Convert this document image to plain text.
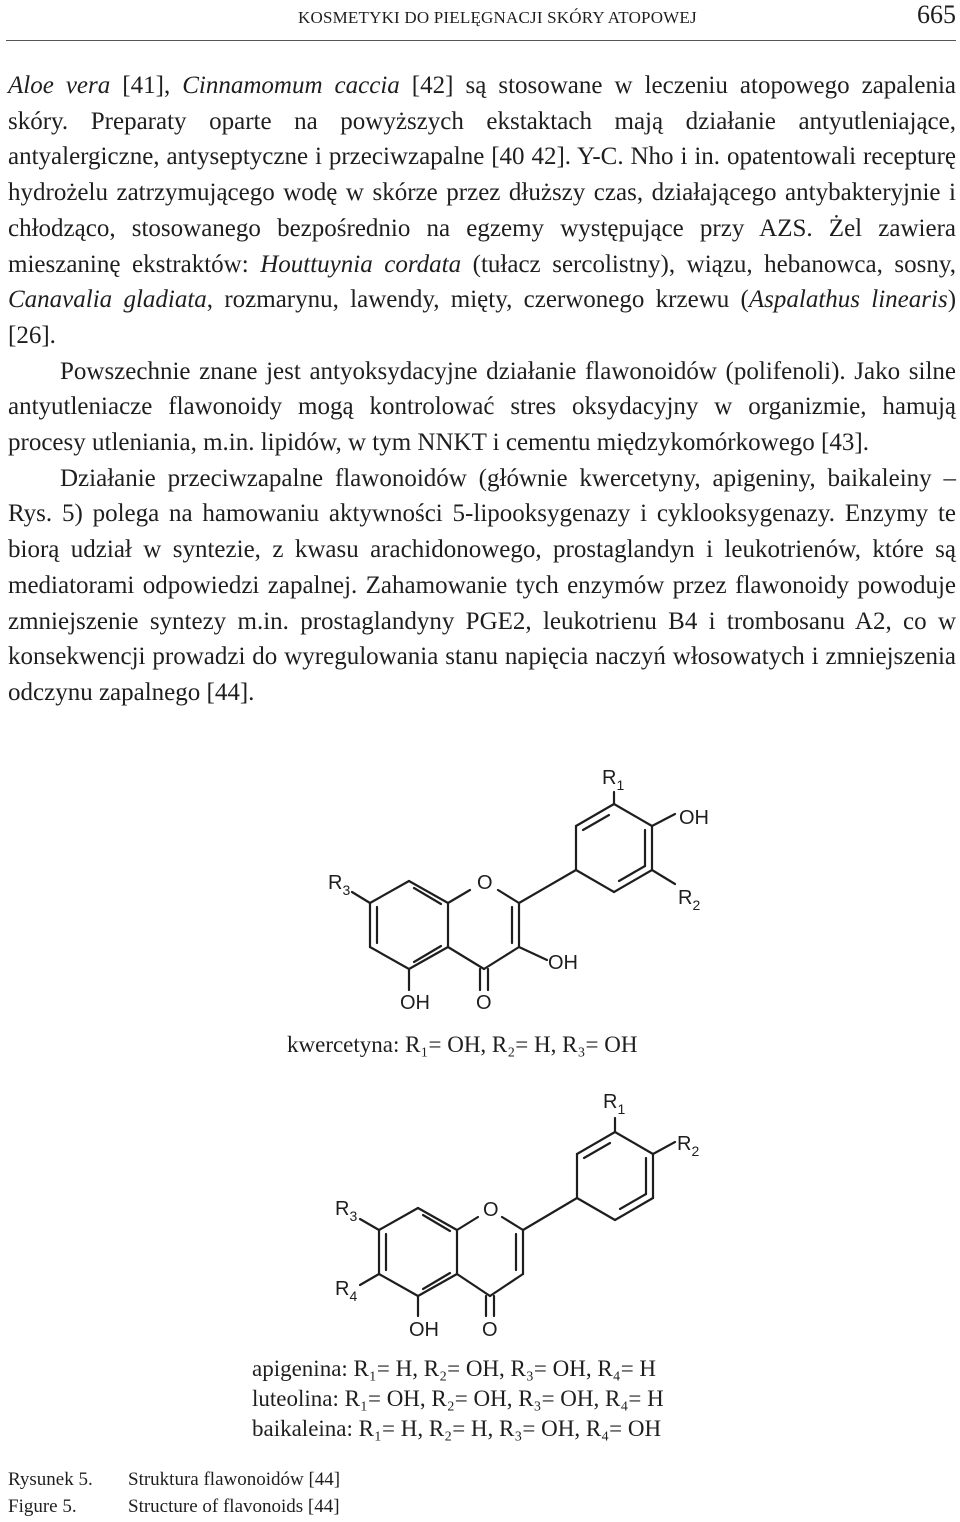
KOSMETYKI DO PIELĘGNACJI SKÓRY ATOPOWEJ	665

Aloe vera [41], Cinnamomum caccia [42] są stosowane w leczeniu atopowego zapalenia skóry. Preparaty oparte na powyższych ekstaktach mają działanie antyutleniające, antyalergiczne, antyseptyczne i przeciwzapalne [40 42]. Y-C. Nho i in. opatentowali recepturę hydrożelu zatrzymującego wodę w skórze przez dłuższy czas, działającego antybakteryjnie i chłodząco, stosowanego bezpośrednio na egzemy występujące przy AZS. Żel zawiera mieszaninę ekstraktów: Houttuynia cordata (tułacz sercolistny), wiązu, hebanowca, sosny, Canavalia gladiata, rozmarynu, lawendy, mięty, czerwonego krzewu (Aspalathus linearis) [26].

Powszechnie znane jest antyoksydacyjne działanie flawonoidów (polifenoli). Jako silne antyutleniacze flawonoidy mogą kontrolować stres oksydacyjny w organizmie, hamują procesy utleniania, m.in. lipidów, w tym NNKT i cementu międzykomórkowego [43].

Działanie przeciwzapalne flawonoidów (głównie kwercetyny, apigeniny, baikaleiny – Rys. 5) polega na hamowaniu aktywności 5-lipooksygenazy i cyklooksygenazy. Enzymy te biorą udział w syntezie, z kwasu arachidonowego, prostaglandyn i leukotrienów, które są mediatorami odpowiedzi zapalnej. Zahamowanie tych enzymów przez flawonoidy powoduje zmniejszenie syntezy m.in. prostaglandyny PGE2, leukotrienu B4 i trombosanu A2, co w konsekwencji prowadzi do wyregulowania stanu napięcia naczyń włosowatych i zmniejszenia odczynu zapalnego [44].

$R_1$
OH
$R_2$
$R_3$	O
OH
OH O
kwercetyna: R₁= OH, R₂= H, R₃= OH
$R_1$
$R_2$
$R_3$
$R_4$
O
OH O
apigenina: R₁= H, R₂= OH, R₃= OH, R₄= H
luteolina: R₁= OH, R₂= OH, R₃= OH, R₄= H
baikaleina: R₁= H, R₂= H, R₃= OH, R₄= OH
Rysunek 5. Struktura flawonoidów [44]
Figure 5.	Structure of flavonoids [44]
